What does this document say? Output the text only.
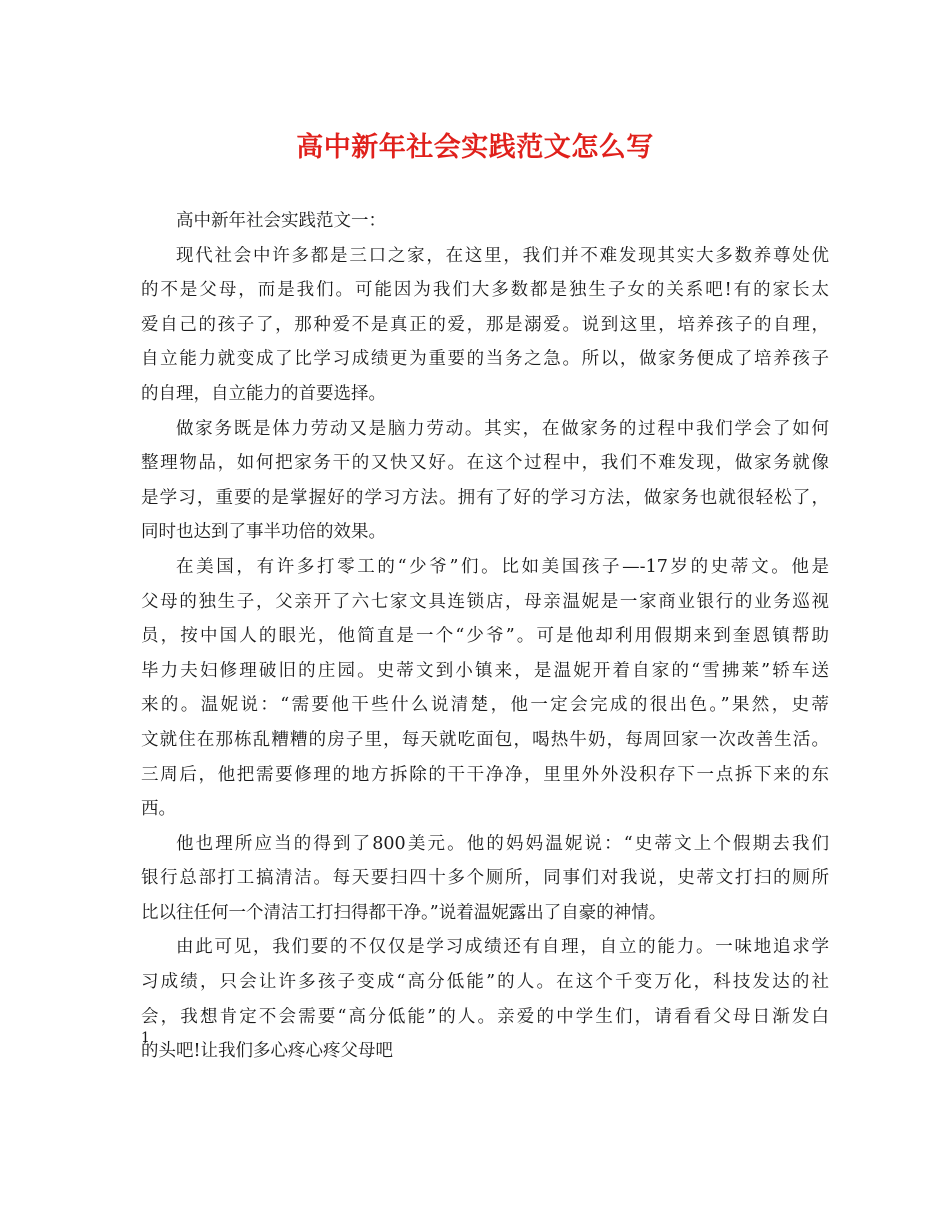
高中新年社会实践范文怎么写
高中新年社会实践范文一：
现代社会中许多都是三口之家，在这里，我们并不难发现其实大多数养尊处优
的不是父母，而是我们。可能因为我们大多数都是独生子女的关系吧!有的家长太
爱自己的孩子了，那种爱不是真正的爱，那是溺爱。说到这里，培养孩子的自理，
自立能力就变成了比学习成绩更为重要的当务之急。所以，做家务便成了培养孩子
的自理，自立能力的首要选择。
做家务既是体力劳动又是脑力劳动。其实，在做家务的过程中我们学会了如何
整理物品，如何把家务干的又快又好。在这个过程中，我们不难发现，做家务就像
是学习，重要的是掌握好的学习方法。拥有了好的学习方法，做家务也就很轻松了，
同时也达到了事半功倍的效果。
在美国，有许多打零工的“少爷”们。比如美国孩子—-17岁的史蒂文。他是
父母的独生子，父亲开了六七家文具连锁店，母亲温妮是一家商业银行的业务巡视
员，按中国人的眼光，他简直是一个“少爷”。可是他却利用假期来到奎恩镇帮助
毕力夫妇修理破旧的庄园。史蒂文到小镇来，是温妮开着自家的“雪拂莱”轿车送
来的。温妮说：“需要他干些什么说清楚，他一定会完成的很出色。”果然，史蒂
文就住在那栋乱糟糟的房子里，每天就吃面包，喝热牛奶，每周回家一次改善生活。
三周后，他把需要修理的地方拆除的干干净净，里里外外没积存下一点拆下来的东
西。
他也理所应当的得到了800美元。他的妈妈温妮说：“史蒂文上个假期去我们
银行总部打工搞清洁。每天要扫四十多个厕所，同事们对我说，史蒂文打扫的厕所
比以往任何一个清洁工打扫得都干净。”说着温妮露出了自豪的神情。
由此可见，我们要的不仅仅是学习成绩还有自理，自立的能力。一味地追求学
习成绩，只会让许多孩子变成“高分低能”的人。在这个千变万化，科技发达的社
会，我想肯定不会需要“高分低能”的人。亲爱的中学生们，请看看父母日渐发白
的头吧!让我们多心疼心疼父母吧
1
